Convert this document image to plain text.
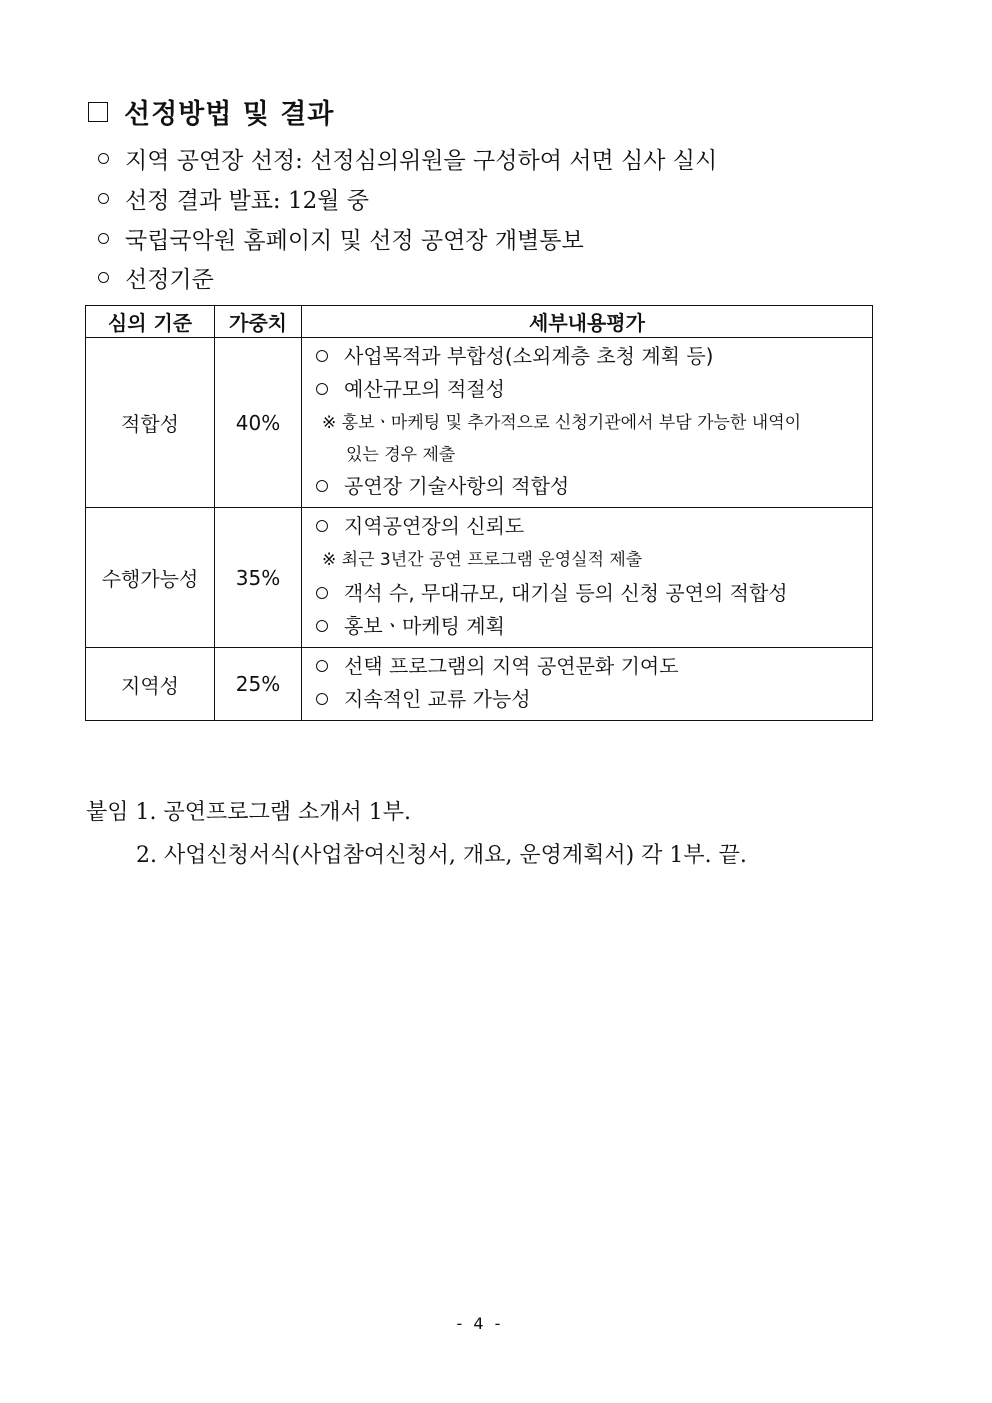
선정방법 및 결과
지역 공연장 선정: 선정심의위원을 구성하여 서면 심사 실시
선정 결과 발표: 12월 중
국립국악원 홈페이지 및 선정 공연장 개별통보
선정기준
심의 기준	가중치	세부내용평가
적합성	40%	사업목적과 부합성(소외계층 초청 계획 등)
예산규모의 적절성
※ 홍보ㆍ마케팅 및 추가적으로 신청기관에서 부담 가능한 내역이
있는 경우 제출
공연장 기술사항의 적합성

수행가능성	35%	지역공연장의 신뢰도
※ 최근 3년간 공연 프로그램 운영실적 제출
객석 수, 무대규모, 대기실 등의 신청 공연의 적합성
홍보ㆍ마케팅 계획

지역성	25%	선택 프로그램의 지역 공연문화 기여도
지속적인 교류 가능성
붙임 1. 공연프로그램 소개서 1부.
2. 사업신청서식(사업참여신청서, 개요, 운영계획서) 각 1부. 끝.
- 4 -
